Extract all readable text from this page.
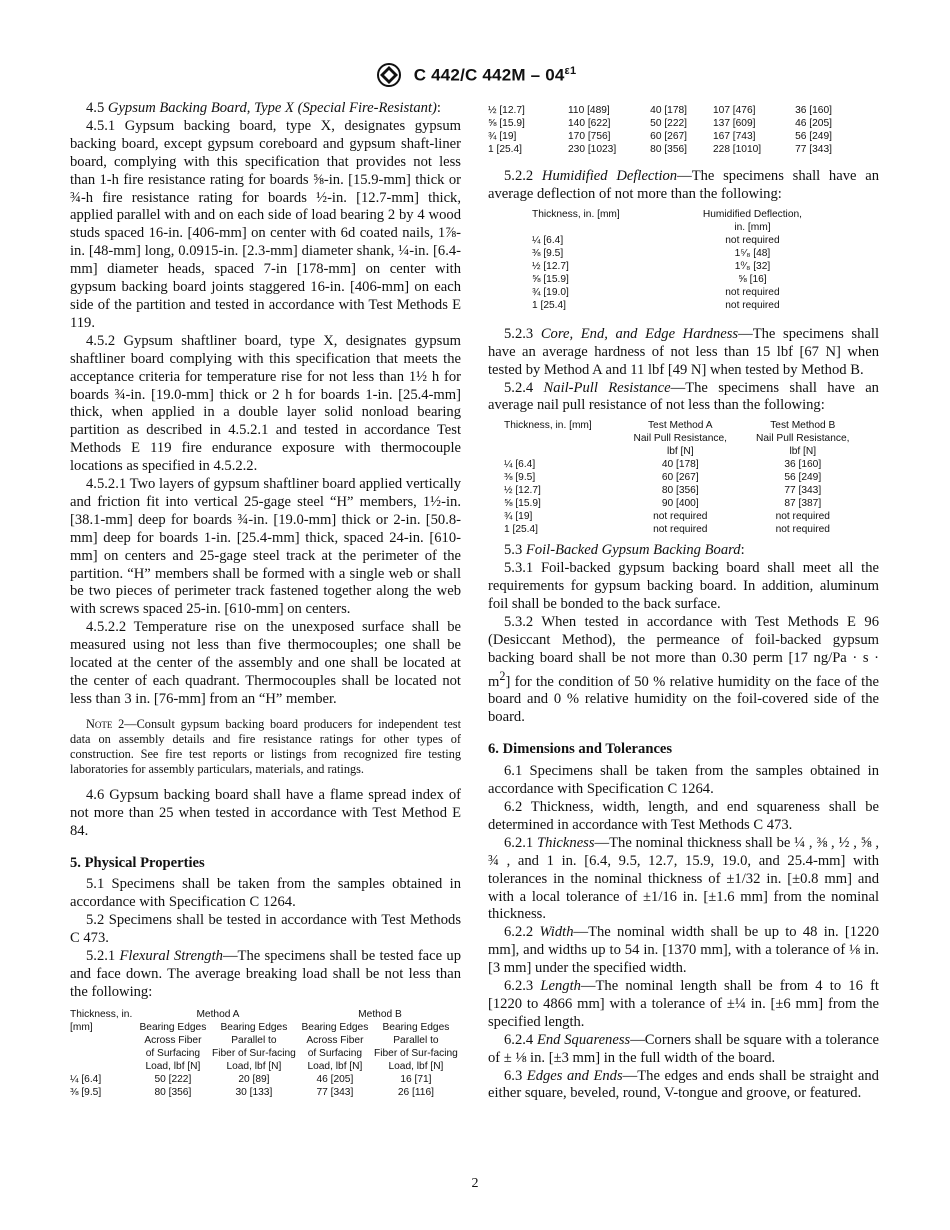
C 442/C $442M - 04^{\varepsilon 1}$

4.5 Gypsum Backing Board, Type X (Special Fire-Resistant):

4.5.1 Gypsum backing board, type X, designates gypsum backing board, except gypsum coreboard and gypsum shaft-liner board, complying with this specification that provides not less than 1-h fire resistance rating for boards ⅝-in. [15.9-mm] thick or ¾-h fire resistance rating for boards ½-in. [12.7-mm] thick, applied parallel with and on each side of load bearing 2 by 4 wood studs spaced 16-in. [406-mm] on center with 6d coated nails, 1⅞-in. [48-mm] long, 0.0915-in. [2.3-mm] diameter shank, ¼-in. [6.4-mm] diameter heads, spaced 7-in [178-mm] on center with gypsum backing board joints staggered 16-in. [406-mm] on each side of the partition and tested in accordance with Test Methods E 119.

4.5.2 Gypsum shaftliner board, type X, designates gypsum shaftliner board complying with this specification that meets the acceptance criteria for temperature rise for not less than 1½ h for boards ¾-in. [19.0-mm] thick or 2 h for boards 1-in. [25.4-mm] thick, when applied in a double layer solid nonload bearing partition as described in 4.5.2.1 and tested in accordance Test Methods E 119 fire endurance exposure with thermocouple locations as specified in 4.5.2.2.

4.5.2.1 Two layers of gypsum shaftliner board applied vertically and friction fit into vertical 25-gage steel “H” members, 1½-in. [38.1-mm] deep for boards ¾-in. [19.0-mm] thick or 2-in. [50.8-mm] deep for boards 1-in. [25.4-mm] thick, spaced 24-in. [610-mm] on centers and 25-gage steel track at the perimeter of the partition. “H” members shall be formed with a single web or shall be two pieces of perimeter track fastened together along the web with screws spaced 25-in. [610-mm] on centers.

4.5.2.2 Temperature rise on the unexposed surface shall be measured using not less than five thermocouples; one shall be located at the center of the assembly and one shall be located at the center of each quadrant. Thermocouples shall be located not less than 3 in. [76-mm] from an “H” member.

Note 2—Consult gypsum backing board producers for independent test data on assembly details and fire resistance ratings for other types of construction. See fire test reports or listings from recognized fire testing laboratories for assembly particulars, materials, and ratings.

4.6 Gypsum backing board shall have a flame spread index of not more than 25 when tested in accordance with Test Method E 84.

5. Physical Properties

5.1 Specimens shall be taken from the samples obtained in accordance with Specification C 1264.

5.2 Specimens shall be tested in accordance with Test Methods C 473.

5.2.1 Flexural Strength—The specimens shall be tested face up and face down. The average breaking load shall be not less than the following:

Thickness, in.	Method A		Method B	
[mm]	Bearing Edges
Across Fiber
of Surfacing
Load, lbf [N]	Bearing Edges
Parallel to
Fiber of Sur-facing
Load, lbf [N]	Bearing Edges
Across Fiber
of Surfacing
Load, lbf [N]	Bearing Edges
Parallel to
Fiber of Sur-facing
Load, lbf [N]
¼ [6.4]	50 [222]	20 [89]	46 [205]	16 [71]
⅜ [9.5]	80 [356]	30 [133]	77 [343]	26 [116]
½ [12.7]	110 [489]	40 [178]	107 [476]	36 [160]
⅝ [15.9]	140 [622]	50 [222]	137 [609]	46 [205]
¾ [19]	170 [756]	60 [267]	167 [743]	56 [249]
1 [25.4]	230 [1023]	80 [356]	228 [1010]	77 [343]

5.2.2 Humidified Deflection—The specimens shall have an average deflection of not more than the following:

Thickness, in. [mm]	Humidified Deflection,
in. [mm]
¼ [6.4]	not required
⅜ [9.5]	1⁵⁄₈ [48]
½ [12.7]	1⁰⁄₈ [32]
⅝ [15.9]	⅝ [16]
¾ [19.0]	not required
1 [25.4]	not required

5.2.3 Core, End, and Edge Hardness—The specimens shall have an average hardness of not less than 15 lbf [67 N] when tested by Method A and 11 lbf [49 N] when tested by Method B.

5.2.4 Nail-Pull Resistance—The specimens shall have an average nail pull resistance of not less than the following:

Thickness, in. [mm]	Test Method A
Nail Pull Resistance,
lbf [N]	Test Method B
Nail Pull Resistance,
lbf [N]
¼ [6.4]	40 [178]	36 [160]
⅜ [9.5]	60 [267]	56 [249]
½ [12.7]	80 [356]	77 [343]
⅝ [15.9]	90 [400]	87 [387]
¾ [19]	not required	not required
1 [25.4]	not required	not required

5.3 Foil-Backed Gypsum Backing Board:

5.3.1 Foil-backed gypsum backing board shall meet all the requirements for gypsum backing board. In addition, aluminum foil shall be bonded to the back surface.

5.3.2 When tested in accordance with Test Methods E 96 (Desiccant Method), the permeance of foil-backed gypsum backing board shall be not more than 0.30 perm [17 $ng/Pa \cdot s \cdot m^2$] for the condition of 50 % relative humidity on the face of the board and 0 % relative humidity on the foil-covered side of the board.

6. Dimensions and Tolerances

6.1 Specimens shall be taken from the samples obtained in accordance with Specification C 1264.

6.2 Thickness, width, length, and end squareness shall be determined in accordance with Test Methods C 473.

6.2.1 Thickness—The nominal thickness shall be ¼ , ⅜ , ½ , ⅝ , ¾ , and 1 in. [6.4, 9.5, 12.7, 15.9, 19.0, and 25.4-mm] with tolerances in the nominal thickness of ±1/32 in. [±0.8 mm] and with a local tolerance of ±1/16 in. [±1.6 mm] from the nominal thickness.

6.2.2 Width—The nominal width shall be up to 48 in. [1220 mm], and widths up to 54 in. [1370 mm], with a tolerance of ⅛ in. [3 mm] under the specified width.

6.2.3 Length—The nominal length shall be from 4 to 16 ft [1220 to 4866 mm] with a tolerance of ±¼ in. [±6 mm] from the specified length.

6.2.4 End Squareness—Corners shall be square with a tolerance of ± ⅛ in. [±3 mm] in the full width of the board.

6.3 Edges and Ends—The edges and ends shall be straight and either square, beveled, round, V-tongue and groove, or featured.

2
